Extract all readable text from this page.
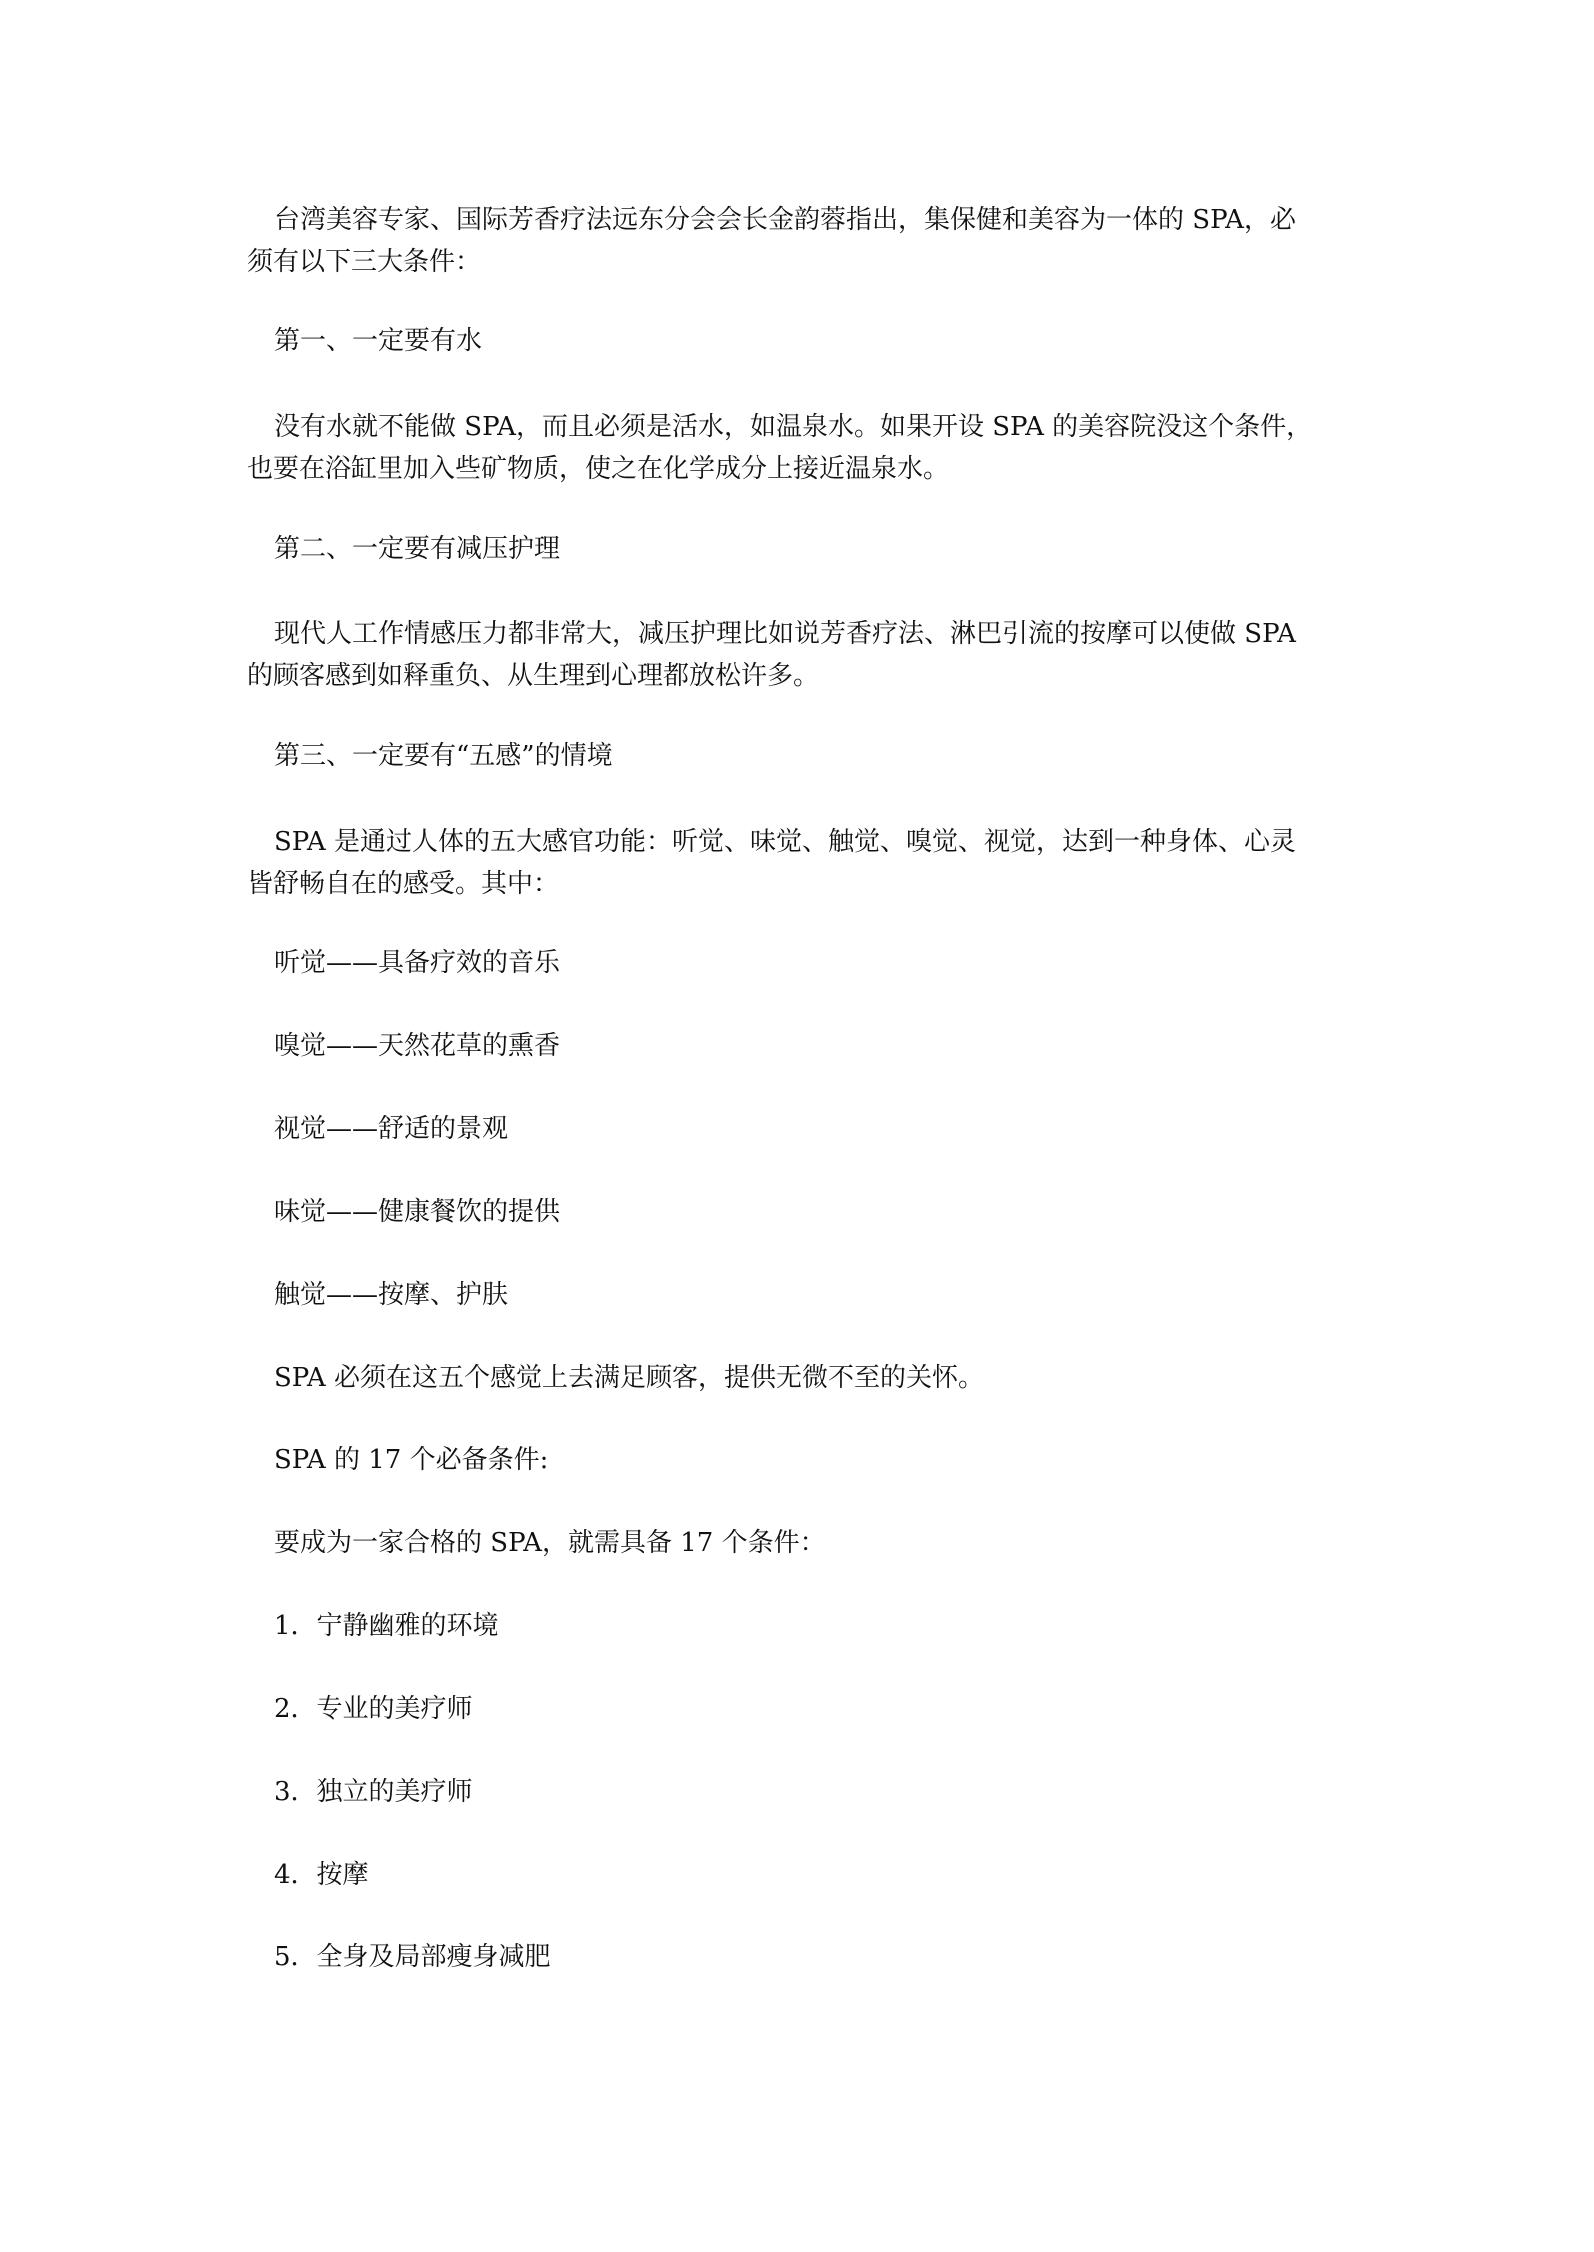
台湾美容专家、国际芳香疗法远东分会会长金韵蓉指出，集保健和美容为一体的 SPA，必
须有以下三大条件：
第一、一定要有水
没有水就不能做 SPA，而且必须是活水，如温泉水。如果开设 SPA 的美容院没这个条件，
也要在浴缸里加入些矿物质，使之在化学成分上接近温泉水。
第二、一定要有减压护理
现代人工作情感压力都非常大，减压护理比如说芳香疗法、淋巴引流的按摩可以使做 SPA
的顾客感到如释重负、从生理到心理都放松许多。
第三、一定要有“五感”的情境
SPA 是通过人体的五大感官功能：听觉、味觉、触觉、嗅觉、视觉，达到一种身体、心灵
皆舒畅自在的感受。其中：
听觉——具备疗效的音乐
嗅觉——天然花草的熏香
视觉——舒适的景观
味觉——健康餐饮的提供
触觉——按摩、护肤
SPA 必须在这五个感觉上去满足顾客，提供无微不至的关怀。
SPA 的 17 个必备条件:
要成为一家合格的 SPA，就需具备 17 个条件：
1．宁静幽雅的环境
2．专业的美疗师
3．独立的美疗师
4．按摩
5．全身及局部瘦身减肥
